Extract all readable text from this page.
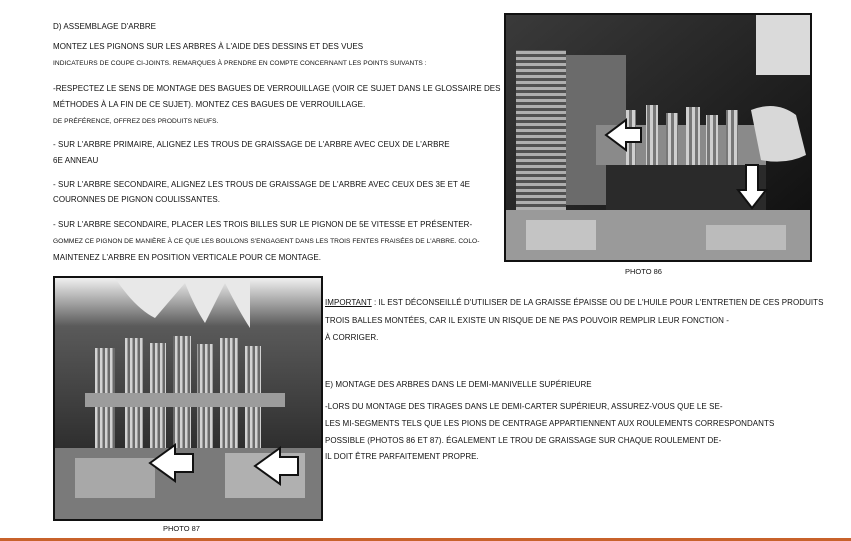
D) ASSEMBLAGE D'ARBRE
MONTEZ LES PIGNONS SUR LES ARBRES À L'AIDE DES DESSINS ET DES VUES
INDICATEURS DE COUPE CI-JOINTS. REMARQUES À PRENDRE EN COMPTE CONCERNANT LES POINTS SUIVANTS :
-RESPECTEZ LE SENS DE MONTAGE DES BAGUES DE VERROUILLAGE (VOIR CE SUJET DANS LE GLOSSAIRE DES
MÉTHODES À LA FIN DE CE SUJET). MONTEZ CES BAGUES DE VERROUILLAGE.
DE PRÉFÉRENCE, OFFREZ DES PRODUITS NEUFS.
- SUR L'ARBRE PRIMAIRE, ALIGNEZ LES TROUS DE GRAISSAGE DE L'ARBRE AVEC CEUX DE L'ARBRE
6E ANNEAU
- SUR L'ARBRE SECONDAIRE, ALIGNEZ LES TROUS DE GRAISSAGE DE L'ARBRE AVEC CEUX DES 3E ET 4E
COURONNES DE PIGNON COULISSANTES.
- SUR L'ARBRE SECONDAIRE, PLACER LES TROIS BILLES SUR LE PIGNON DE 5E VITESSE ET PRÉSENTER-
GOMMEZ CE PIGNON DE MANIÈRE À CE QUE LES BOULONS S'ENGAGENT DANS LES TROIS FENTES FRAISÉES DE L'ARBRE. COLO-
MAINTENEZ L'ARBRE EN POSITION VERTICALE POUR CE MONTAGE.
PHOTO 86
PHOTO 87
IMPORTANT : IL EST DÉCONSEILLÉ D'UTILISER DE LA GRAISSE ÉPAISSE OU DE L'HUILE POUR L'ENTRETIEN DE CES PRODUITS
TROIS BALLES MONTÉES, CAR IL EXISTE UN RISQUE DE NE PAS POUVOIR REMPLIR LEUR FONCTION -
À CORRIGER.
E) MONTAGE DES ARBRES DANS LE DEMI-MANIVELLE SUPÉRIEURE
-LORS DU MONTAGE DES TIRAGES DANS LE DEMI-CARTER SUPÉRIEUR, ASSUREZ-VOUS QUE LE SE-
LES MI-SEGMENTS TELS QUE LES PIONS DE CENTRAGE APPARTIENNENT AUX ROULEMENTS CORRESPONDANTS
POSSIBLE (PHOTOS 86 ET 87). ÉGALEMENT LE TROU DE GRAISSAGE SUR CHAQUE ROULEMENT DE-
IL DOIT ÊTRE PARFAITEMENT PROPRE.
